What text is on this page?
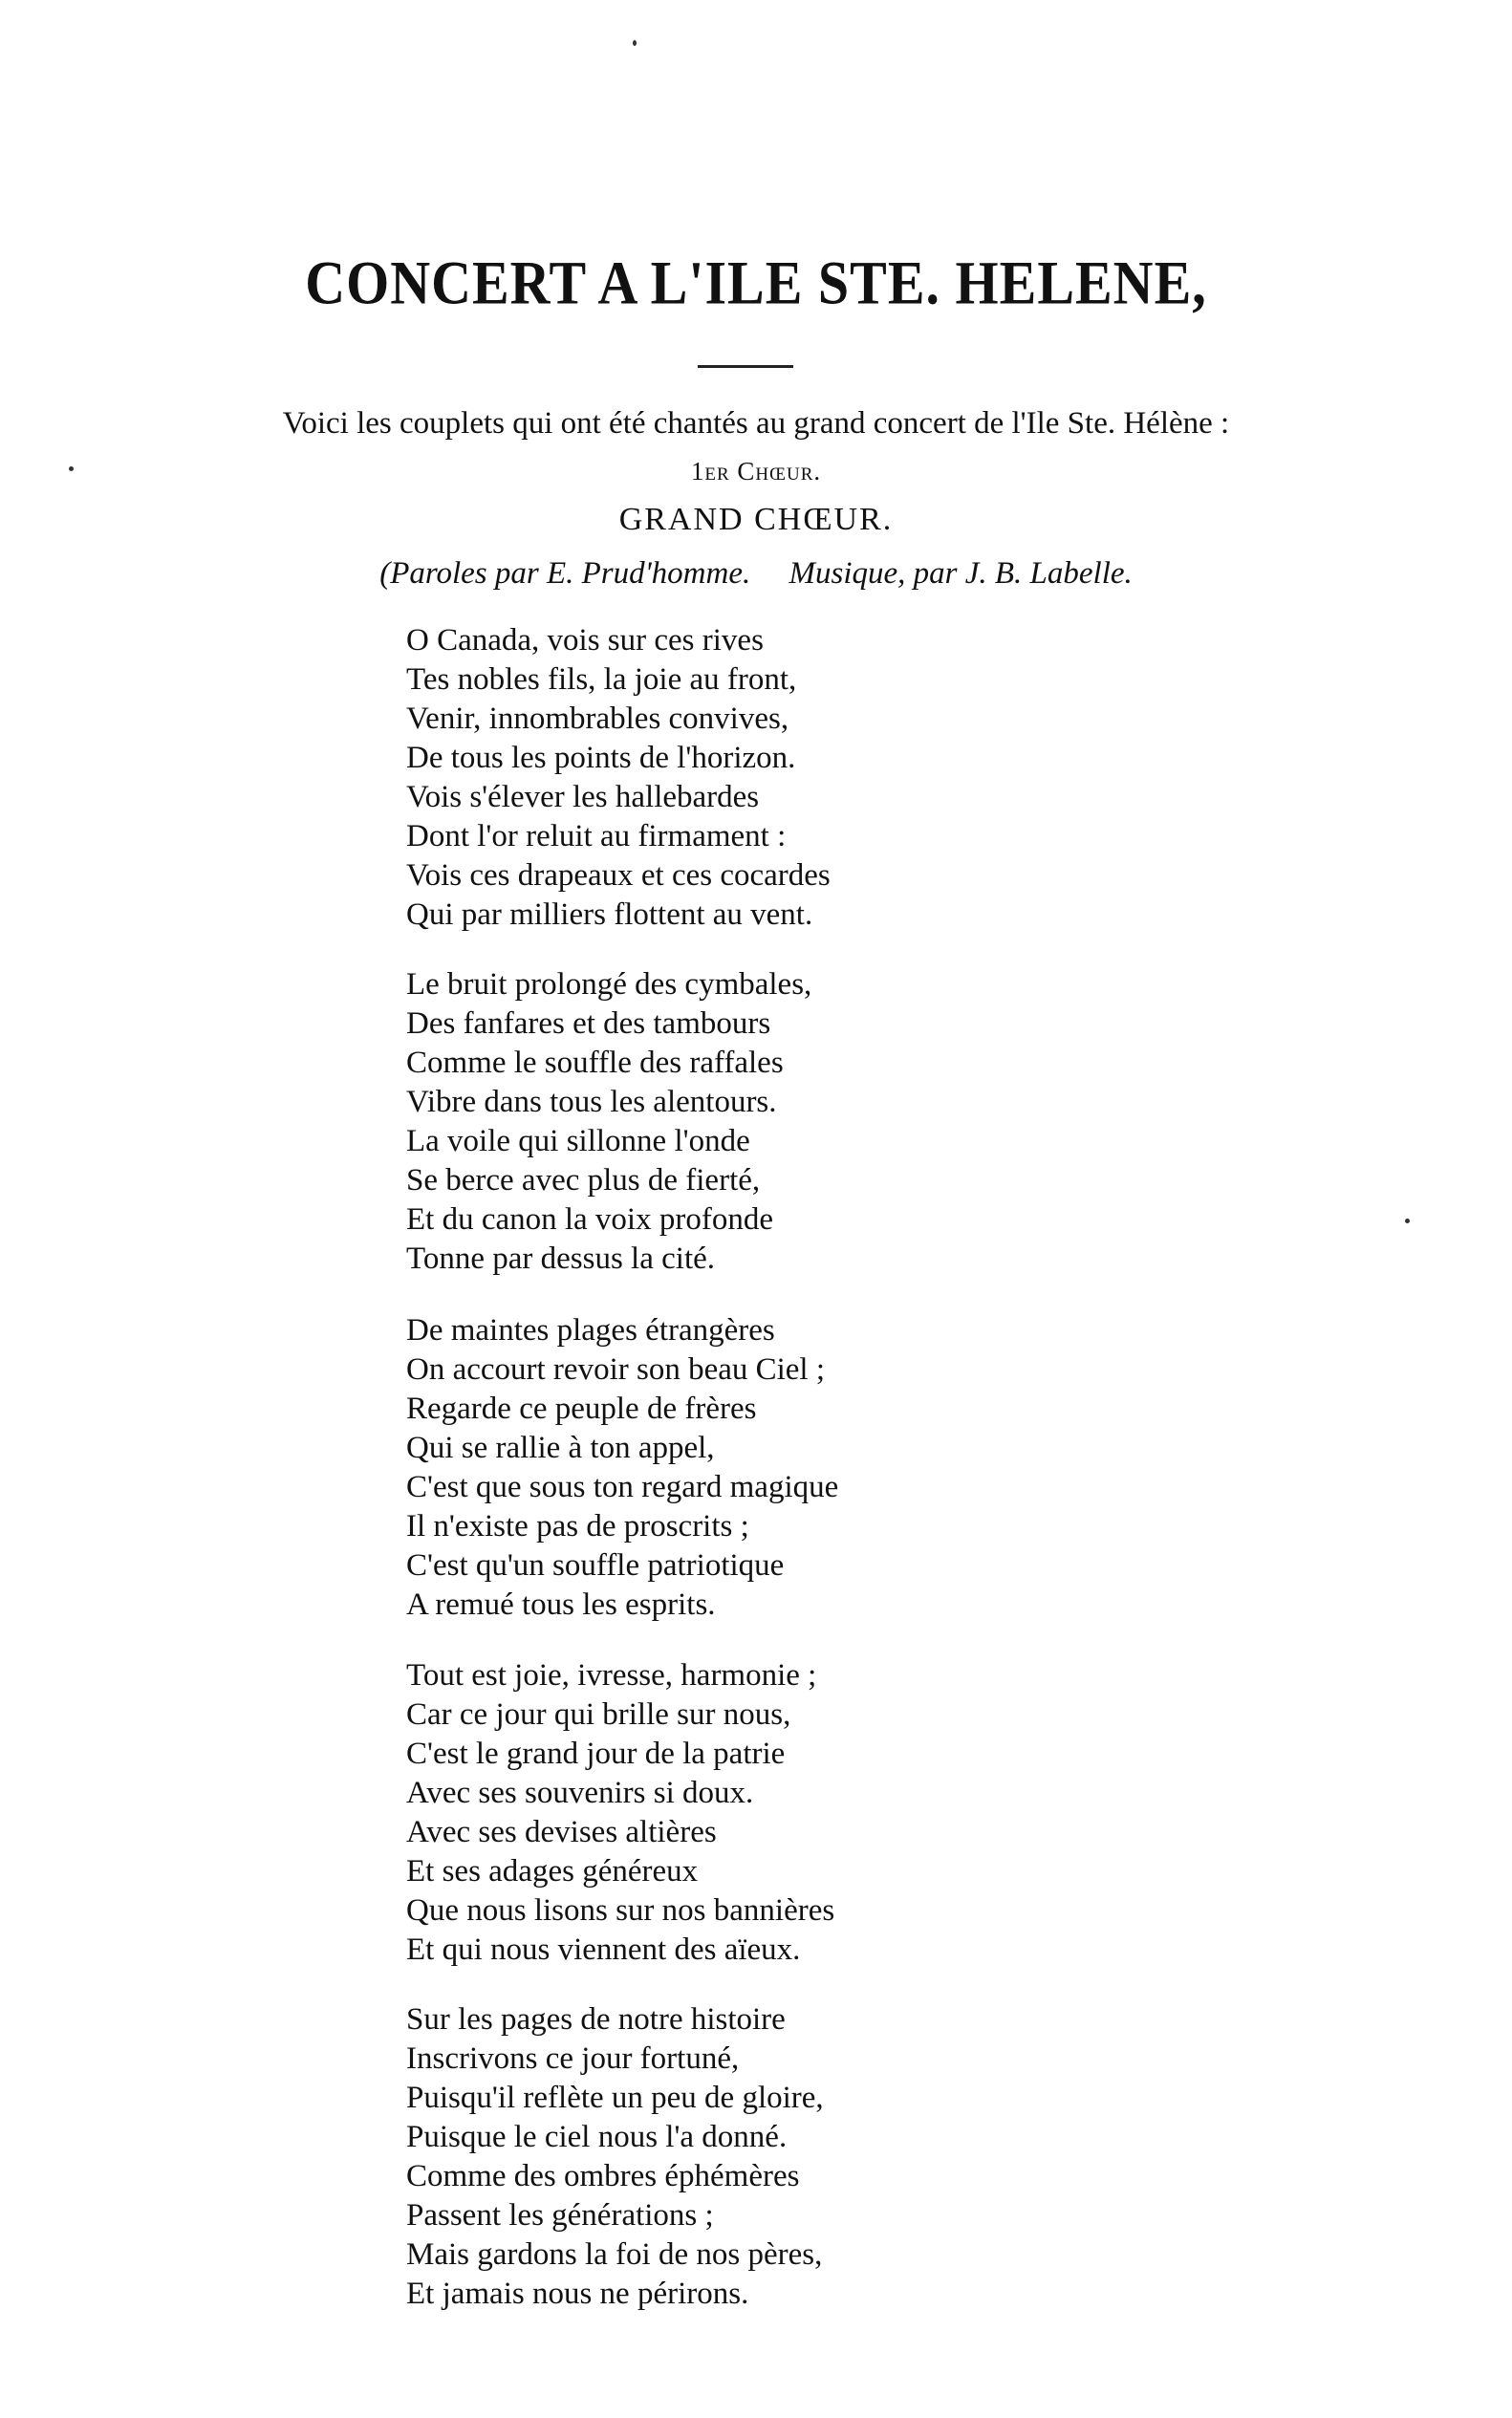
CONCERT A L'ILE STE. HELENE,
Voici les couplets qui ont été chantés au grand concert de l'Ile Ste. Hélène :
1er Chœur.
GRAND CHŒUR.
(Paroles par E. Prud'homme. Musique, par J. B. Labelle.
O Canada, vois sur ces rives
Tes nobles fils, la joie au front,
Venir, innombrables convives,
De tous les points de l'horizon.
Vois s'élever les hallebardes
Dont l'or reluit au firmament :
Vois ces drapeaux et ces cocardes
Qui par milliers flottent au vent.
Le bruit prolongé des cymbales,
Des fanfares et des tambours
Comme le souffle des raffales
Vibre dans tous les alentours.
La voile qui sillonne l'onde
Se berce avec plus de fierté,
Et du canon la voix profonde
Tonne par dessus la cité.
De maintes plages étrangères
On accourt revoir son beau Ciel ;
Regarde ce peuple de frères
Qui se rallie à ton appel,
C'est que sous ton regard magique
Il n'existe pas de proscrits ;
C'est qu'un souffle patriotique
A remué tous les esprits.
Tout est joie, ivresse, harmonie ;
Car ce jour qui brille sur nous,
C'est le grand jour de la patrie
Avec ses souvenirs si doux.
Avec ses devises altières
Et ses adages généreux
Que nous lisons sur nos bannières
Et qui nous viennent des aïeux.
Sur les pages de notre histoire
Inscrivons ce jour fortuné,
Puisqu'il reflète un peu de gloire,
Puisque le ciel nous l'a donné.
Comme des ombres éphémères
Passent les générations ;
Mais gardons la foi de nos pères,
Et jamais nous ne périrons.
